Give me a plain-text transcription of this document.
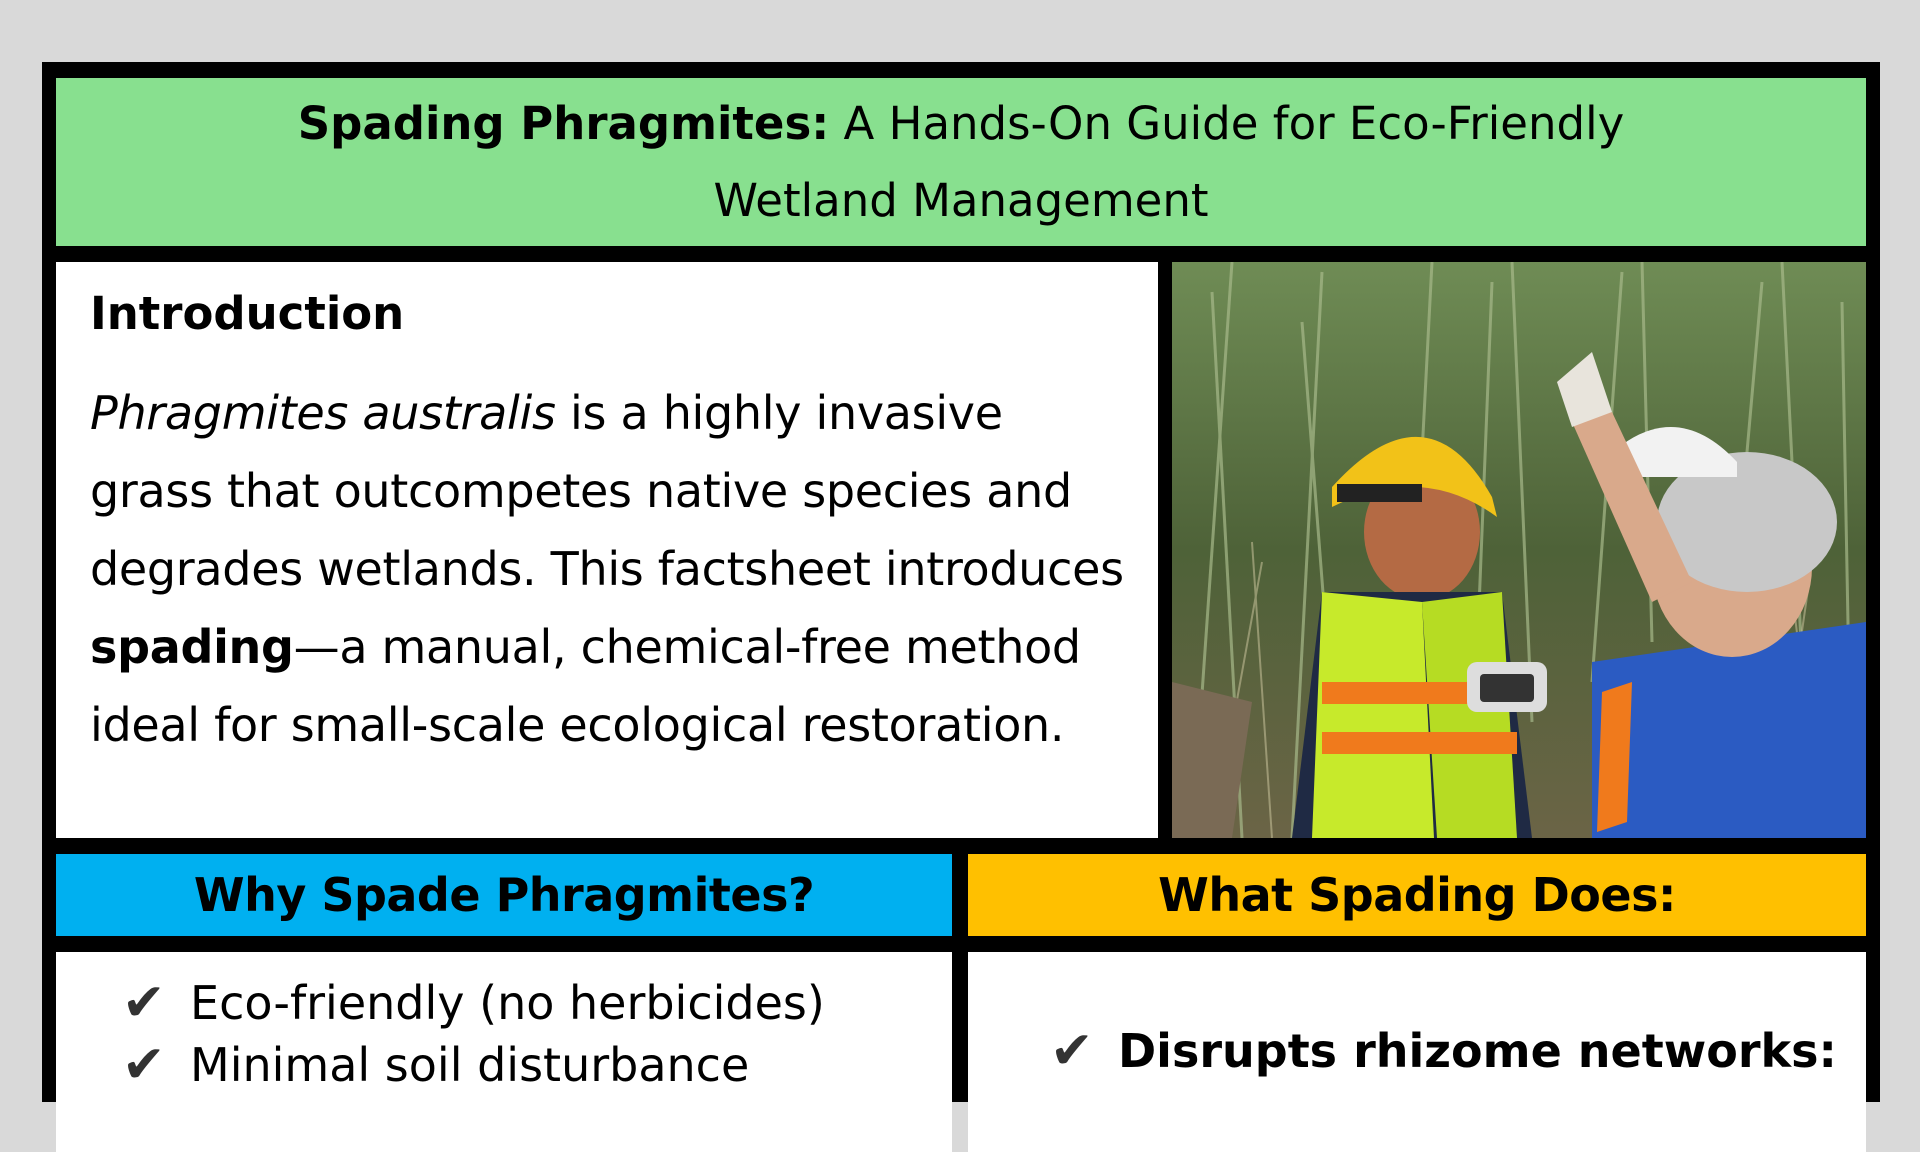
Spading Phragmites: A Hands-On Guide for Eco-Friendly
Wetland Management
Introduction

Phragmites australis is a highly invasive grass that outcompetes native species and degrades wetlands. This factsheet introduces spading—a manual, chemical-free method ideal for small-scale ecological restoration.

Why Spade Phragmites?	What Spading Does:
✔ Eco-friendly (no herbicides)
✔ Minimal soil disturbance	✔ Disrupts rhizome networks:
